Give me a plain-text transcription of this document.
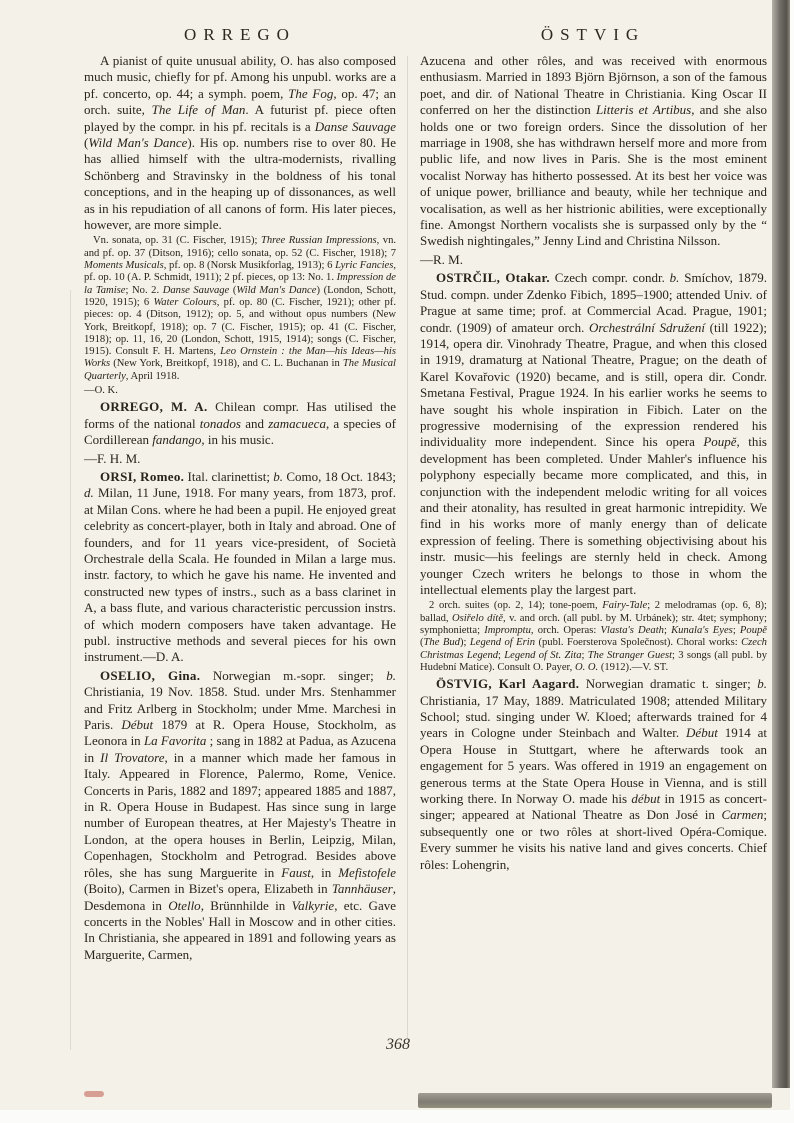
ORREGO	ÖSTVIG

A pianist of quite unusual ability, O. has also composed much music, chiefly for pf. Among his unpubl. works are a pf. concerto, op. 44; a symph. poem, The Fog, op. 47; an orch. suite, The Life of Man. A futurist pf. piece often played by the compr. in his pf. recitals is a Danse Sauvage (Wild Man's Dance). His op. numbers rise to over 80. He has allied himself with the ultra-modernists, rivalling Schönberg and Stravinsky in the boldness of his tonal conceptions, and in the heaping up of dissonances, as well as in his repudiation of all canons of form. His later pieces, however, are more simple.

Vn. sonata, op. 31 (C. Fischer, 1915); Three Russian Impressions, vn. and pf. op. 37 (Ditson, 1916); cello sonata, op. 52 (C. Fischer, 1918); 7 Moments Musicals, pf. op. 8 (Norsk Musikforlag, 1913); 6 Lyric Fancies, pf. op. 10 (A. P. Schmidt, 1911); 2 pf. pieces, op 13: No. 1. Impression de la Tamise; No. 2. Danse Sauvage (Wild Man's Dance) (London, Schott, 1920, 1915); 6 Water Colours, pf. op. 80 (C. Fischer, 1921); other pf. pieces: op. 4 (Ditson, 1912); op. 5, and without opus numbers (New York, Breitkopf, 1918); op. 7 (C. Fischer, 1915); op. 41 (C. Fischer, 1918); op. 11, 16, 20 (London, Schott, 1915, 1914); songs (C. Fischer, 1915). Consult F. H. Martens, Leo Ornstein : the Man—his Ideas—his Works (New York, Breitkopf, 1918), and C. L. Buchanan in The Musical Quarterly, April 1918.

—O. K.

ORREGO, M. A. Chilean compr. Has utilised the forms of the national tonados and zamacueca, a species of Cordillerean fandango, in his music.

—F. H. M.

ORSI, Romeo. Ital. clarinettist; b. Como, 18 Oct. 1843; d. Milan, 11 June, 1918. For many years, from 1873, prof. at Milan Cons. where he had been a pupil. He enjoyed great celebrity as concert-player, both in Italy and abroad. One of founders, and for 11 years vice-president, of Società Orchestrale della Scala. He founded in Milan a large mus. instr. factory, to which he gave his name. He invented and constructed new types of instrs., such as a bass clarinet in A, a bass flute, and various characteristic percussion instrs. of which modern composers have taken advantage. He publ. instructive methods and several pieces for his own instrument.—D. A.

OSELIO, Gina. Norwegian m.-sopr. singer; b. Christiania, 19 Nov. 1858. Stud. under Mrs. Stenhammer and Fritz Arlberg in Stockholm; under Mme. Marchesi in Paris. Début 1879 at R. Opera House, Stockholm, as Leonora in La Favorita ; sang in 1882 at Padua, as Azucena in Il Trovatore, in a manner which made her famous in Italy. Appeared in Florence, Palermo, Rome, Venice. Concerts in Paris, 1882 and 1897; appeared 1885 and 1887, in R. Opera House in Budapest. Has since sung in large number of European theatres, at Her Majesty's Theatre in London, at the opera houses in Berlin, Leipzig, Milan, Copenhagen, Stockholm and Petrograd. Besides above rôles, she has sung Marguerite in Faust, in Mefistofele (Boito), Carmen in Bizet's opera, Elizabeth in Tannhäuser, Desdemona in Otello, Brünnhilde in Valkyrie, etc. Gave concerts in the Nobles' Hall in Moscow and in other cities. In Christiania, she appeared in 1891 and following years as Marguerite, Carmen,

Azucena and other rôles, and was received with enormous enthusiasm. Married in 1893 Björn Björnson, a son of the famous poet, and dir. of National Theatre in Christiania. King Oscar II conferred on her the distinction Litteris et Artibus, and she also holds one or two foreign orders. Since the dissolution of her marriage in 1908, she has withdrawn herself more and more from public life, and now lives in Paris. She is the most eminent vocalist Norway has hitherto possessed. At its best her voice was of unique power, brilliance and beauty, while her technique and vocalisation, as well as her histrionic abilities, were exceptionally fine. Amongst Northern vocalists she is surpassed only by the “ Swedish nightingales,” Jenny Lind and Christina Nilsson.

—R. M.

OSTRČIL, Otakar. Czech compr. condr. b. Smíchov, 1879. Stud. compn. under Zdenko Fibich, 1895–1900; attended Univ. of Prague at same time; prof. at Commercial Acad. Prague, 1901; condr. (1909) of amateur orch. Orchestrální Sdružení (till 1922); 1914, opera dir. Vinohrady Theatre, Prague, and when this closed in 1919, dramaturg at National Theatre, Prague; on the death of Karel Kovařovic (1920) became, and is still, opera dir. Condr. Smetana Festival, Prague 1924. In his earlier works he seems to have sought his whole inspiration in Fibich. Later on the progressive modernising of the expression rendered his individuality more independent. Since his opera Poupě, this development has been completed. Under Mahler's influence his polyphony especially became more complicated, and this, in conjunction with the independent melodic writing for all voices and their atonality, has resulted in great harmonic intrepidity. We find in his works more of manly energy than of delicate expression of feeling. There is something objectivising about his instr. music—his feelings are sternly held in check. Among younger Czech writers he belongs to those in whom the intellectual elements play the largest part.

2 orch. suites (op. 2, 14); tone-poem, Fairy-Tale; 2 melodramas (op. 6, 8); ballad, Osiřelo dítě, v. and orch. (all publ. by M. Urbánek); str. 4tet; symphony; symphonietta; Impromptu, orch. Operas: Vlasta's Death; Kunala's Eyes; Poupě (The Bud); Legend of Erin (publ. Foersterova Společnost). Choral works: Czech Christmas Legend; Legend of St. Zita; The Stranger Guest; 3 songs (all publ. by Hudební Matice). Consult O. Payer, O. O. (1912).—V. ST.

ÖSTVIG, Karl Aagard. Norwegian dramatic t. singer; b. Christiania, 17 May, 1889. Matriculated 1908; attended Military School; stud. singing under W. Kloed; afterwards trained for 4 years in Cologne under Steinbach and Walter. Début 1914 at Opera House in Stuttgart, where he afterwards took an engagement for 5 years. Was offered in 1919 an engagement on generous terms at the State Opera House in Vienna, and is still working there. In Norway O. made his début in 1915 as concert-singer; appeared at National Theatre as Don José in Carmen; subsequently one or two rôles at short-lived Opéra-Comique. Every summer he visits his native land and gives concerts. Chief rôles: Lohengrin,

368
